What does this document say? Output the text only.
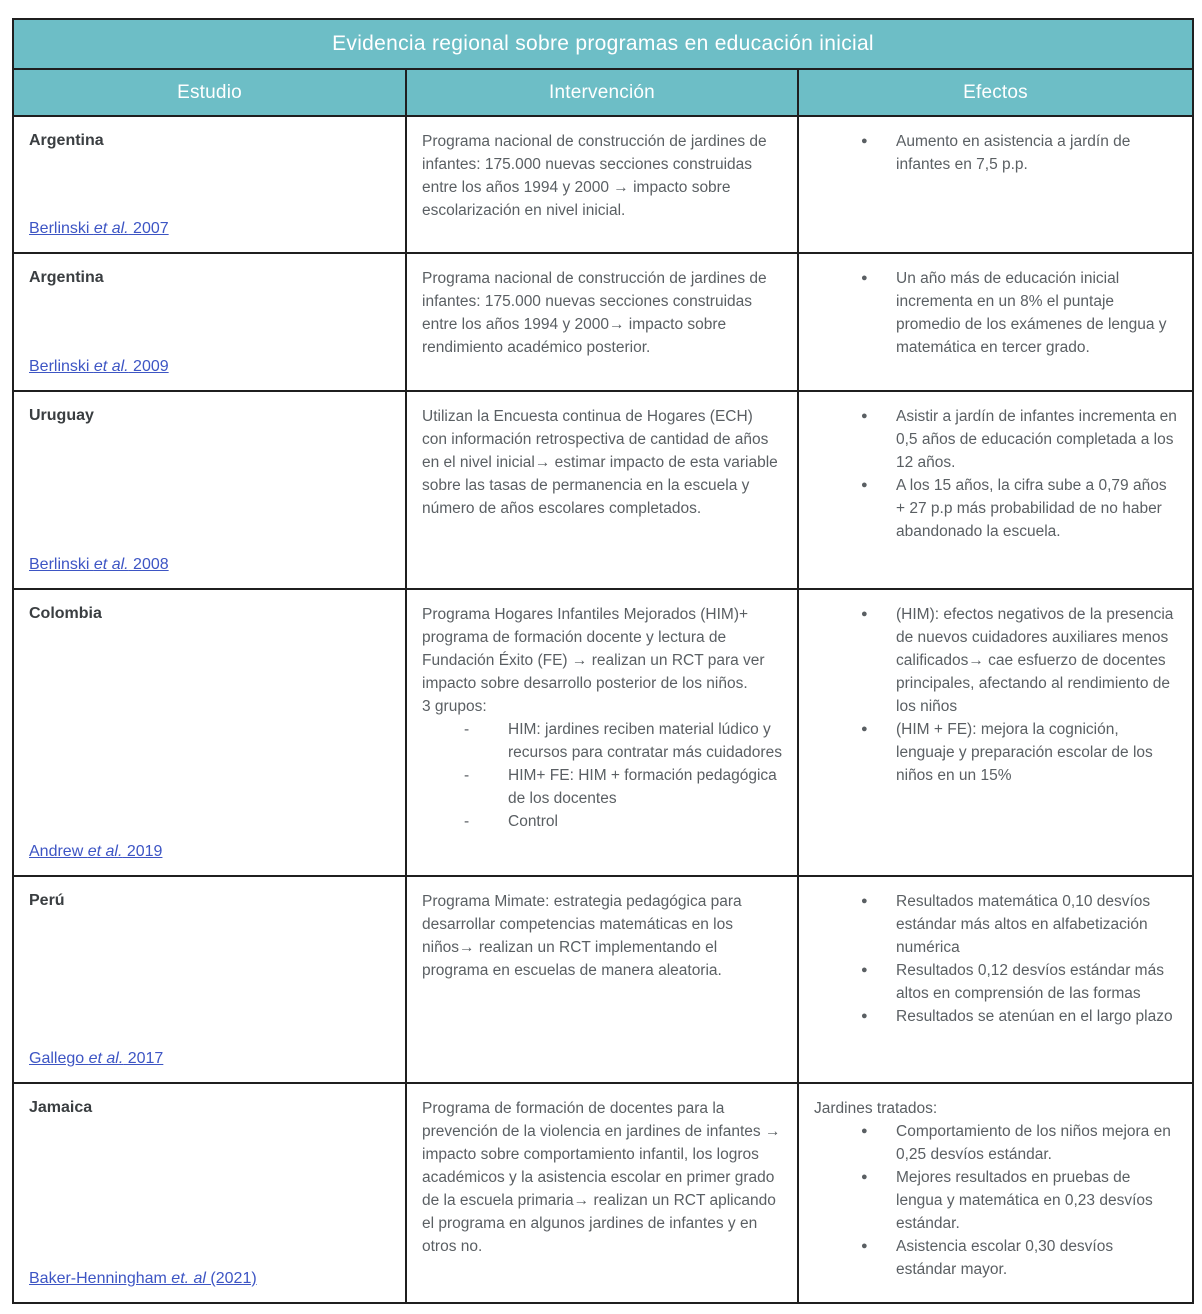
Evidencia regional sobre programas en educación inicial
Estudio	Intervención	Efectos
Argentina
Berlinski et al. 2007

Programa nacional de construcción de jardines de infantes: 175.000 nuevas secciones construidas entre los años 1994 y 2000 → impacto sobre escolarización en nivel inicial.

● Aumento en asistencia a jardín de infantes en 7,5 p.p.
Argentina
Berlinski et al. 2009

Programa nacional de construcción de jardines de infantes: 175.000 nuevas secciones construidas entre los años 1994 y 2000→ impacto sobre rendimiento académico posterior.

● Un año más de educación inicial incrementa en un 8% el puntaje promedio de los exámenes de lengua y matemática en tercer grado.
Uruguay
Berlinski et al. 2008

Utilizan la Encuesta continua de Hogares (ECH) con información retrospectiva de cantidad de años en el nivel inicial→ estimar impacto de esta variable sobre las tasas de permanencia en la escuela y número de años escolares completados.

● Asistir a jardín de infantes incrementa en 0,5 años de educación completada a los 12 años.
● A los 15 años, la cifra sube a 0,79 años + 27 p.p más probabilidad de no haber abandonado la escuela.
Colombia
Andrew et al. 2019

Programa Hogares Infantiles Mejorados (HIM)+ programa de formación docente y lectura de Fundación Éxito (FE) → realizan un RCT para ver impacto sobre desarrollo posterior de los niños.

3 grupos:

- HIM: jardines reciben material lúdico y recursos para contratar más cuidadores
- HIM+ FE: HIM + formación pedagógica de los docentes
- Control
● (HIM): efectos negativos de la presencia de nuevos cuidadores auxiliares menos calificados→ cae esfuerzo de docentes principales, afectando al rendimiento de los niños
● (HIM + FE): mejora la cognición, lenguaje y preparación escolar de los niños en un 15%
Perú
Gallego et al. 2017

Programa Mimate: estrategia pedagógica para desarrollar competencias matemáticas en los niños→ realizan un RCT implementando el programa en escuelas de manera aleatoria.

● Resultados matemática 0,10 desvíos estándar más altos en alfabetización numérica
● Resultados 0,12 desvíos estándar más altos en comprensión de las formas
● Resultados se atenúan en el largo plazo
Jamaica
Baker-Henningham et. al (2021)

Programa de formación de docentes para la prevención de la violencia en jardines de infantes → impacto sobre comportamiento infantil, los logros académicos y la asistencia escolar en primer grado de la escuela primaria→ realizan un RCT aplicando el programa en algunos jardines de infantes y en otros no.

Jardines tratados:

● Comportamiento de los niños mejora en 0,25 desvíos estándar.
● Mejores resultados en pruebas de lengua y matemática en 0,23 desvíos estándar.
● Asistencia escolar 0,30 desvíos estándar mayor.
